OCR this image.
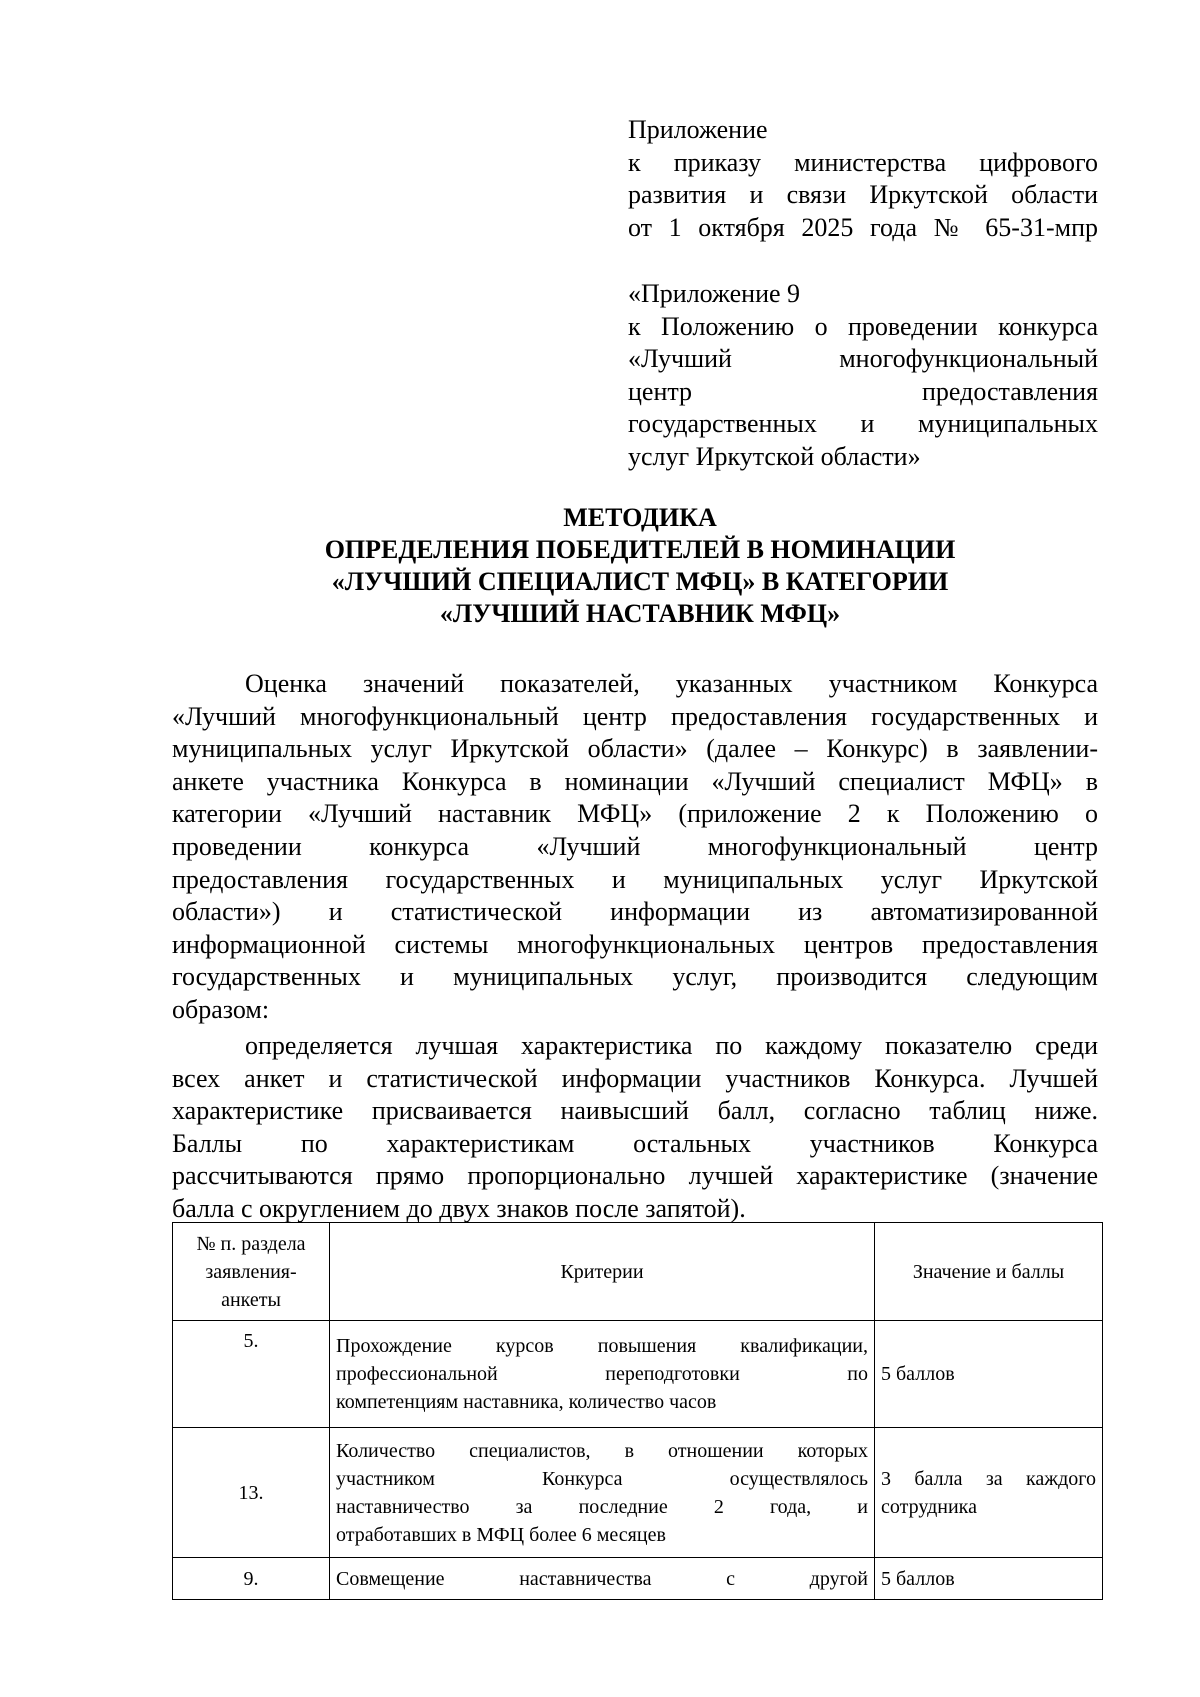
Приложение
к приказу министерства цифрового
развития и связи Иркутской области
от 1 октября 2025 года № 65-31-мпр
«Приложение 9
к Положению о проведении конкурса
«Лучший многофункциональный
центр предоставления
государственных и муниципальных
услуг Иркутской области»
МЕТОДИКА
ОПРЕДЕЛЕНИЯ ПОБЕДИТЕЛЕЙ В НОМИНАЦИИ
«ЛУЧШИЙ СПЕЦИАЛИСТ МФЦ» В КАТЕГОРИИ
«ЛУЧШИЙ НАСТАВНИК МФЦ»
Оценка значений показателей, указанных участником Конкурса
«Лучший многофункциональный центр предоставления государственных и
муниципальных услуг Иркутской области» (далее – Конкурс) в заявлении-
анкете участника Конкурса в номинации «Лучший специалист МФЦ» в
категории «Лучший наставник МФЦ» (приложение 2 к Положению о
проведении конкурса «Лучший многофункциональный центр
предоставления государственных и муниципальных услуг Иркутской
области») и статистической информации из автоматизированной
информационной системы многофункциональных центров предоставления
государственных и муниципальных услуг, производится следующим
образом:
определяется лучшая характеристика по каждому показателю среди
всех анкет и статистической информации участников Конкурса. Лучшей
характеристике присваивается наивысший балл, согласно таблиц ниже.
Баллы по характеристикам остальных участников Конкурса
рассчитываются прямо пропорционально лучшей характеристике (значение
балла с округлением до двух знаков после запятой).
№ п. раздела
заявления-
анкеты	Критерии	Значение и баллы
5.	Прохождение курсов повышения квалификации,
профессиональной переподготовки по
компетенциям наставника, количество часов	5 баллов
13.	Количество специалистов, в отношении которых
участником Конкурса осуществлялось
наставничество за последние 2 года, и
отработавших в МФЦ более 6 месяцев	3 балла за каждого
сотрудника

9.	Совмещение наставничества с другой	5 баллов
